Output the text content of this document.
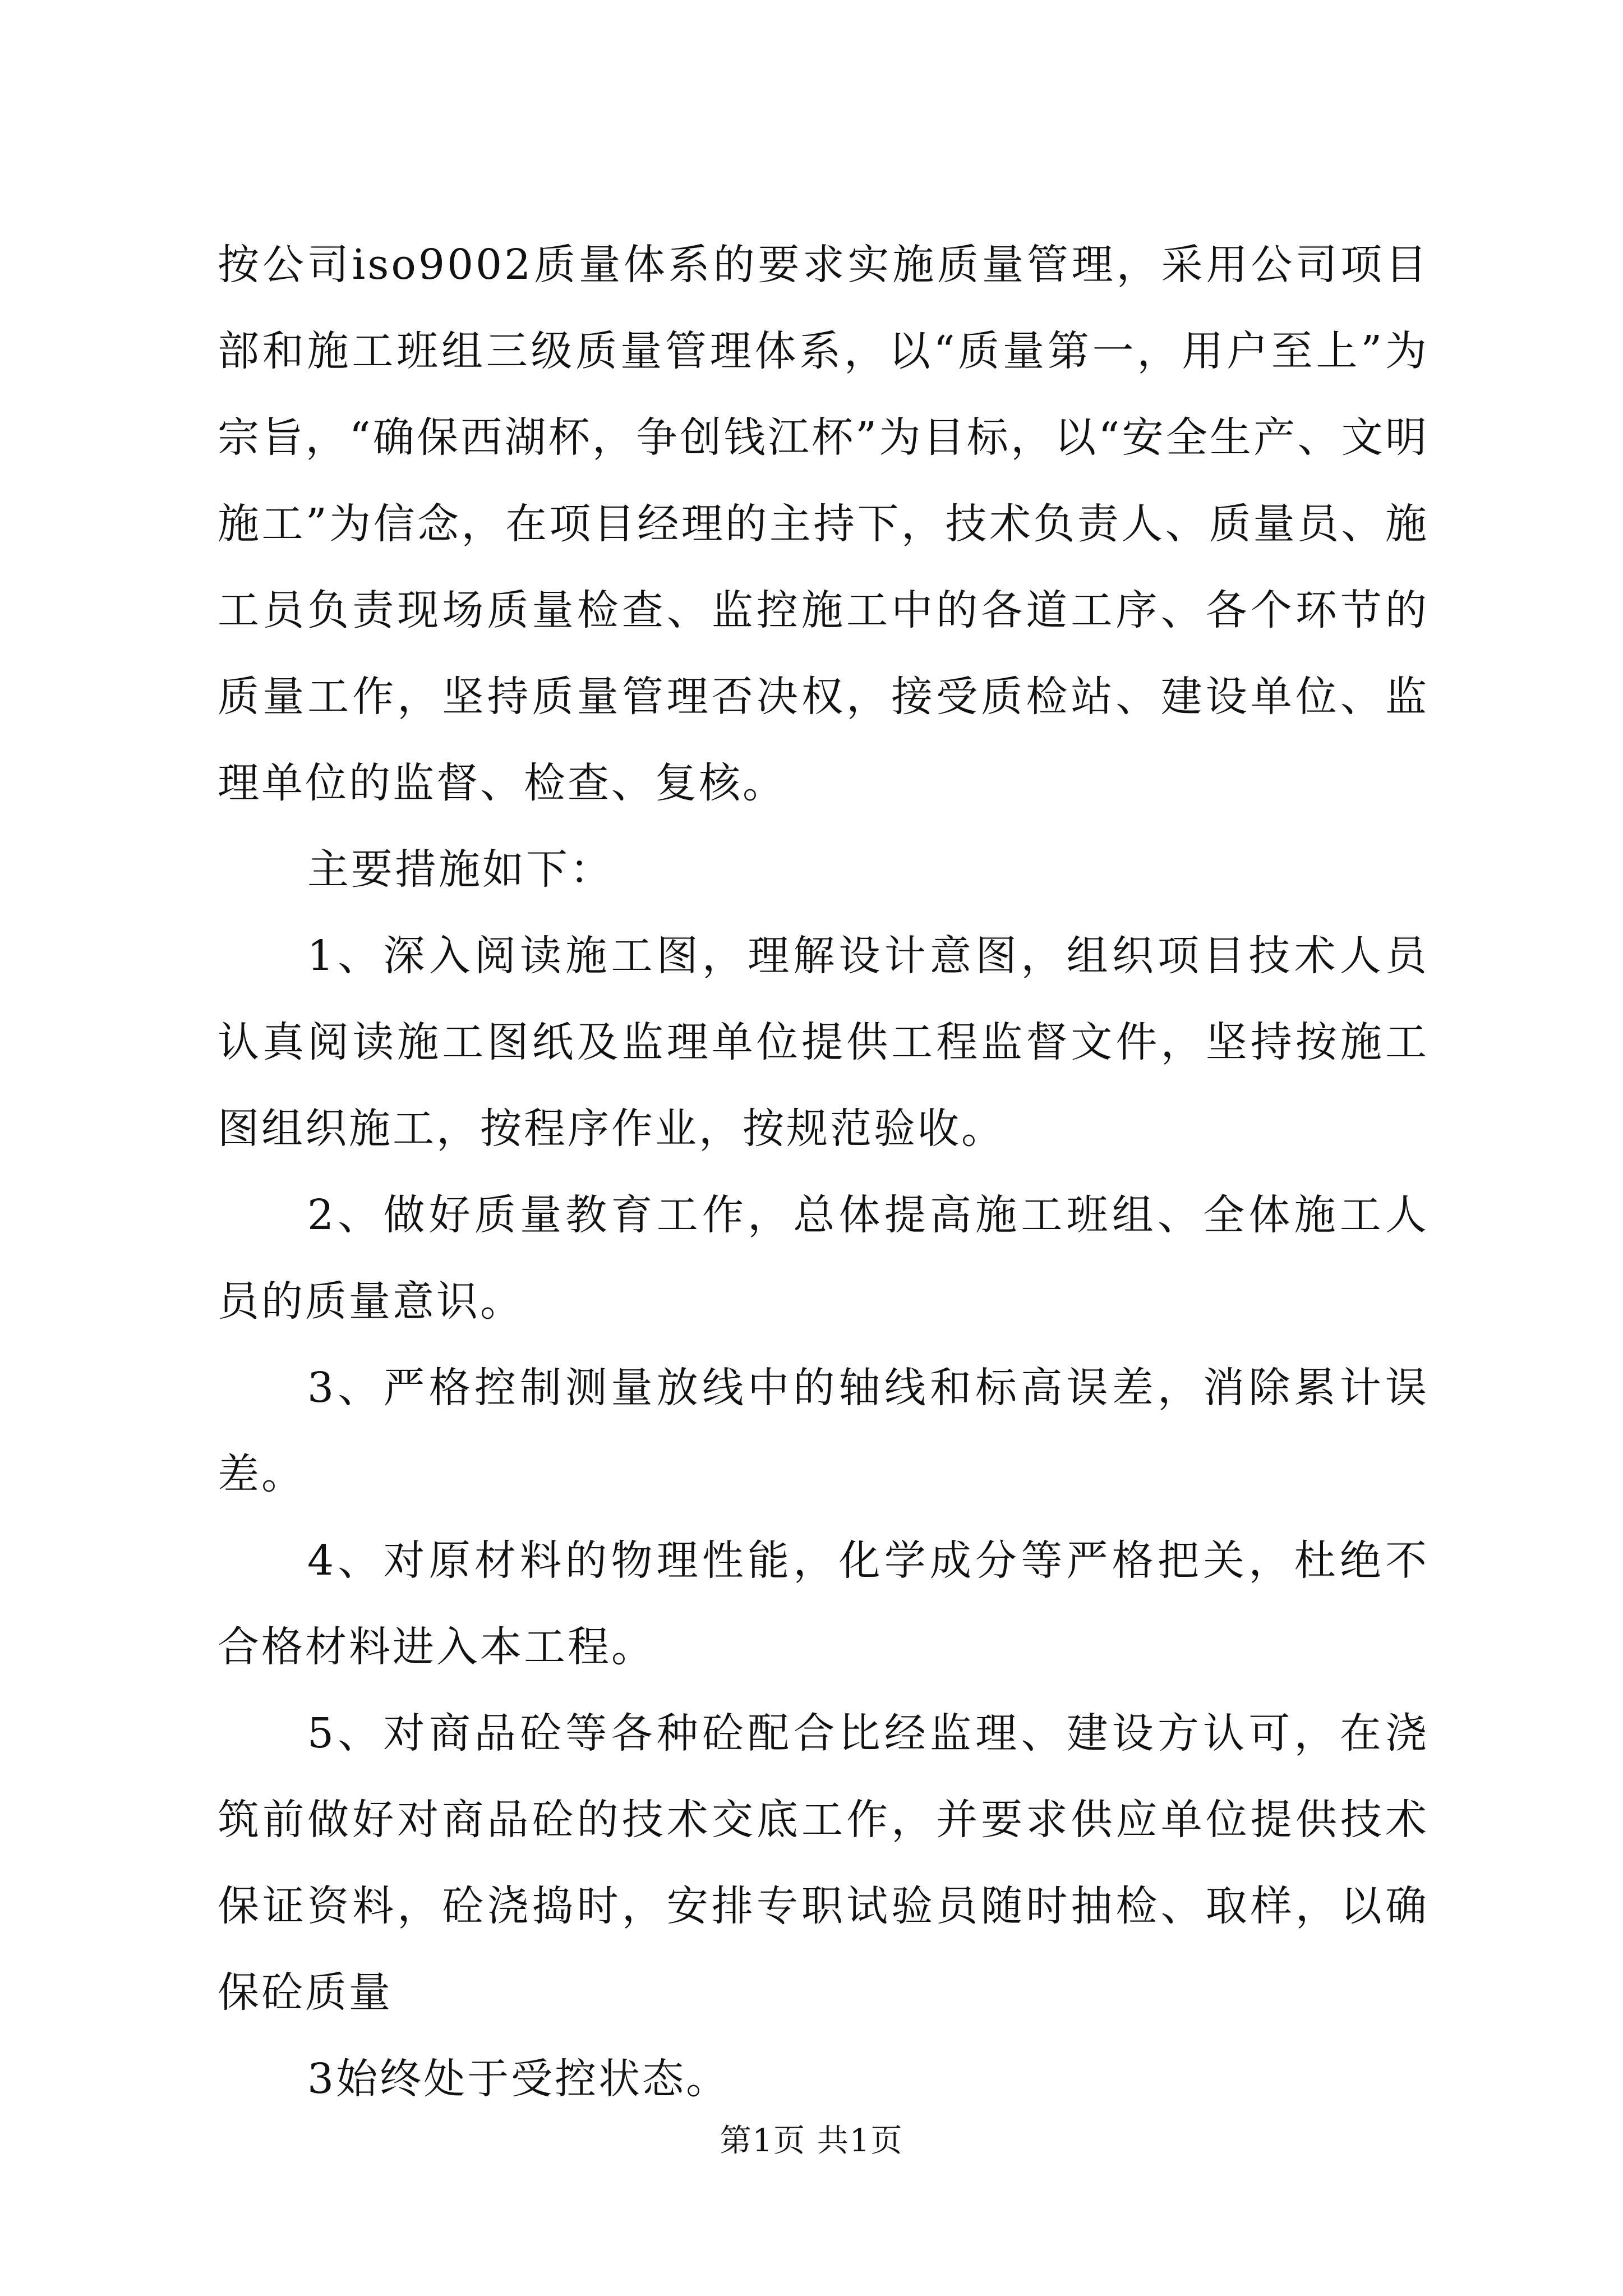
按公司iso9002质量体系的要求实施质量管理，采用公司项目部和施工班组三级质量管理体系，以“质量第一，用户至上”为宗旨，“确保西湖杯，争创钱江杯”为目标，以“安全生产、文明施工”为信念，在项目经理的主持下，技术负责人、质量员、施工员负责现场质量检查、监控施工中的各道工序、各个环节的质量工作，坚持质量管理否决权，接受质检站、建设单位、监理单位的监督、检查、复核。

主要措施如下：

1、深入阅读施工图，理解设计意图，组织项目技术人员认真阅读施工图纸及监理单位提供工程监督文件，坚持按施工图组织施工，按程序作业，按规范验收。

2、做好质量教育工作，总体提高施工班组、全体施工人员的质量意识。

3、严格控制测量放线中的轴线和标高误差，消除累计误差。

4、对原材料的物理性能，化学成分等严格把关，杜绝不合格材料进入本工程。

5、对商品砼等各种砼配合比经监理、建设方认可，在浇筑前做好对商品砼的技术交底工作，并要求供应单位提供技术保证资料，砼浇捣时，安排专职试验员随时抽检、取样，以确保砼质量

3始终处于受控状态。

第1页 共1页
